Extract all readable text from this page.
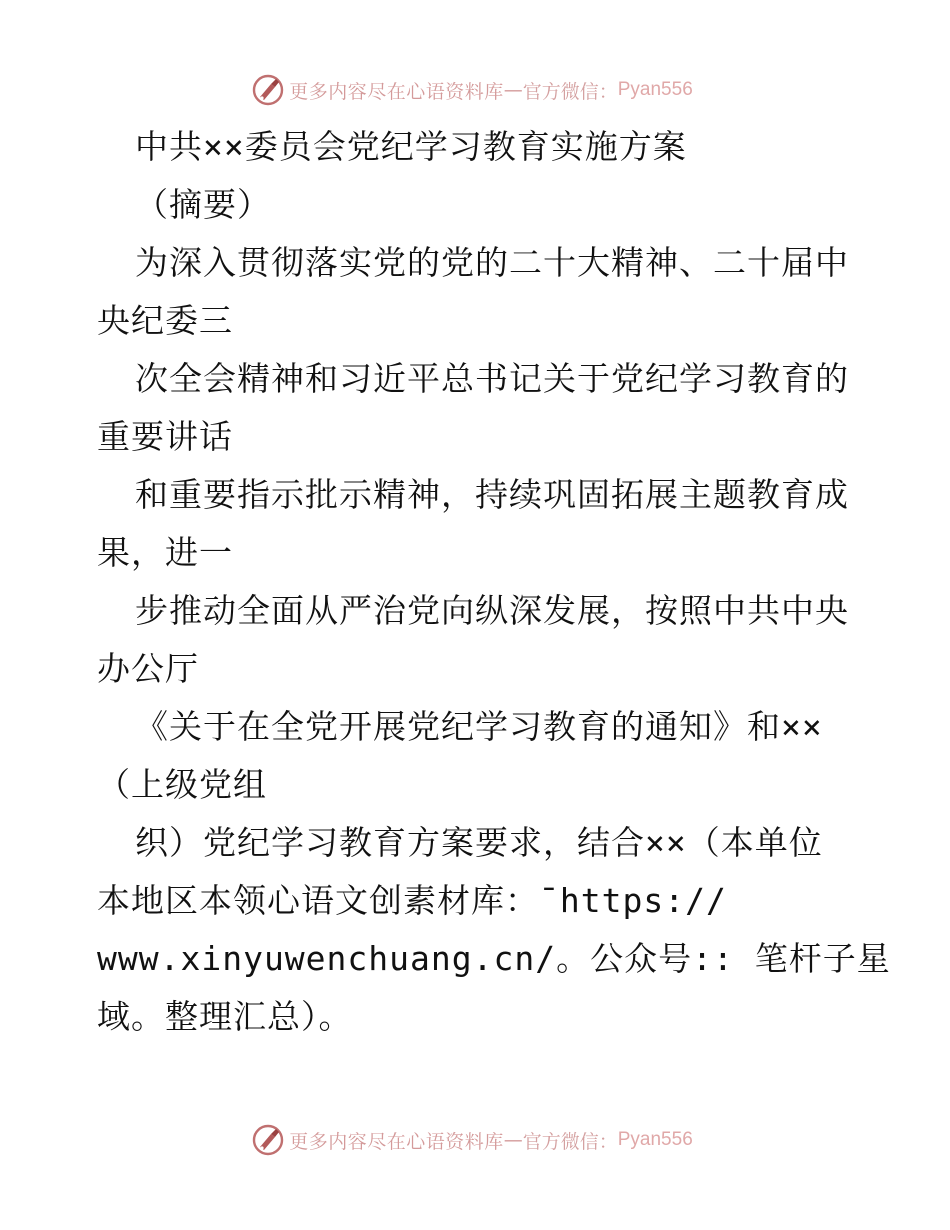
更多内容尽在心语资料库 — 官方微信： Pyan556
中共××委员会党纪学习教育实施方案
（摘要）
为深入贯彻落实党的党的二十大精神、二十届中
央纪委三
次全会精神和习近平总书记关于党纪学习教育的
重要讲话
和重要指示批示精神，持续巩固拓展主题教育成
果，进一
步推动全面从严治党向纵深发展，按照中共中央
办公厅
《关于在全党开展党纪学习教育的通知》和××
（上级党组
织）党纪学习教育方案要求，结合××（本单位
本地区本领心语文创素材库：¯https://
www.xinyuwenchuang.cn/。公众号:: 笔杆子星
域。整理汇总）。
更多内容尽在心语资料库 — 官方微信： Pyan556
